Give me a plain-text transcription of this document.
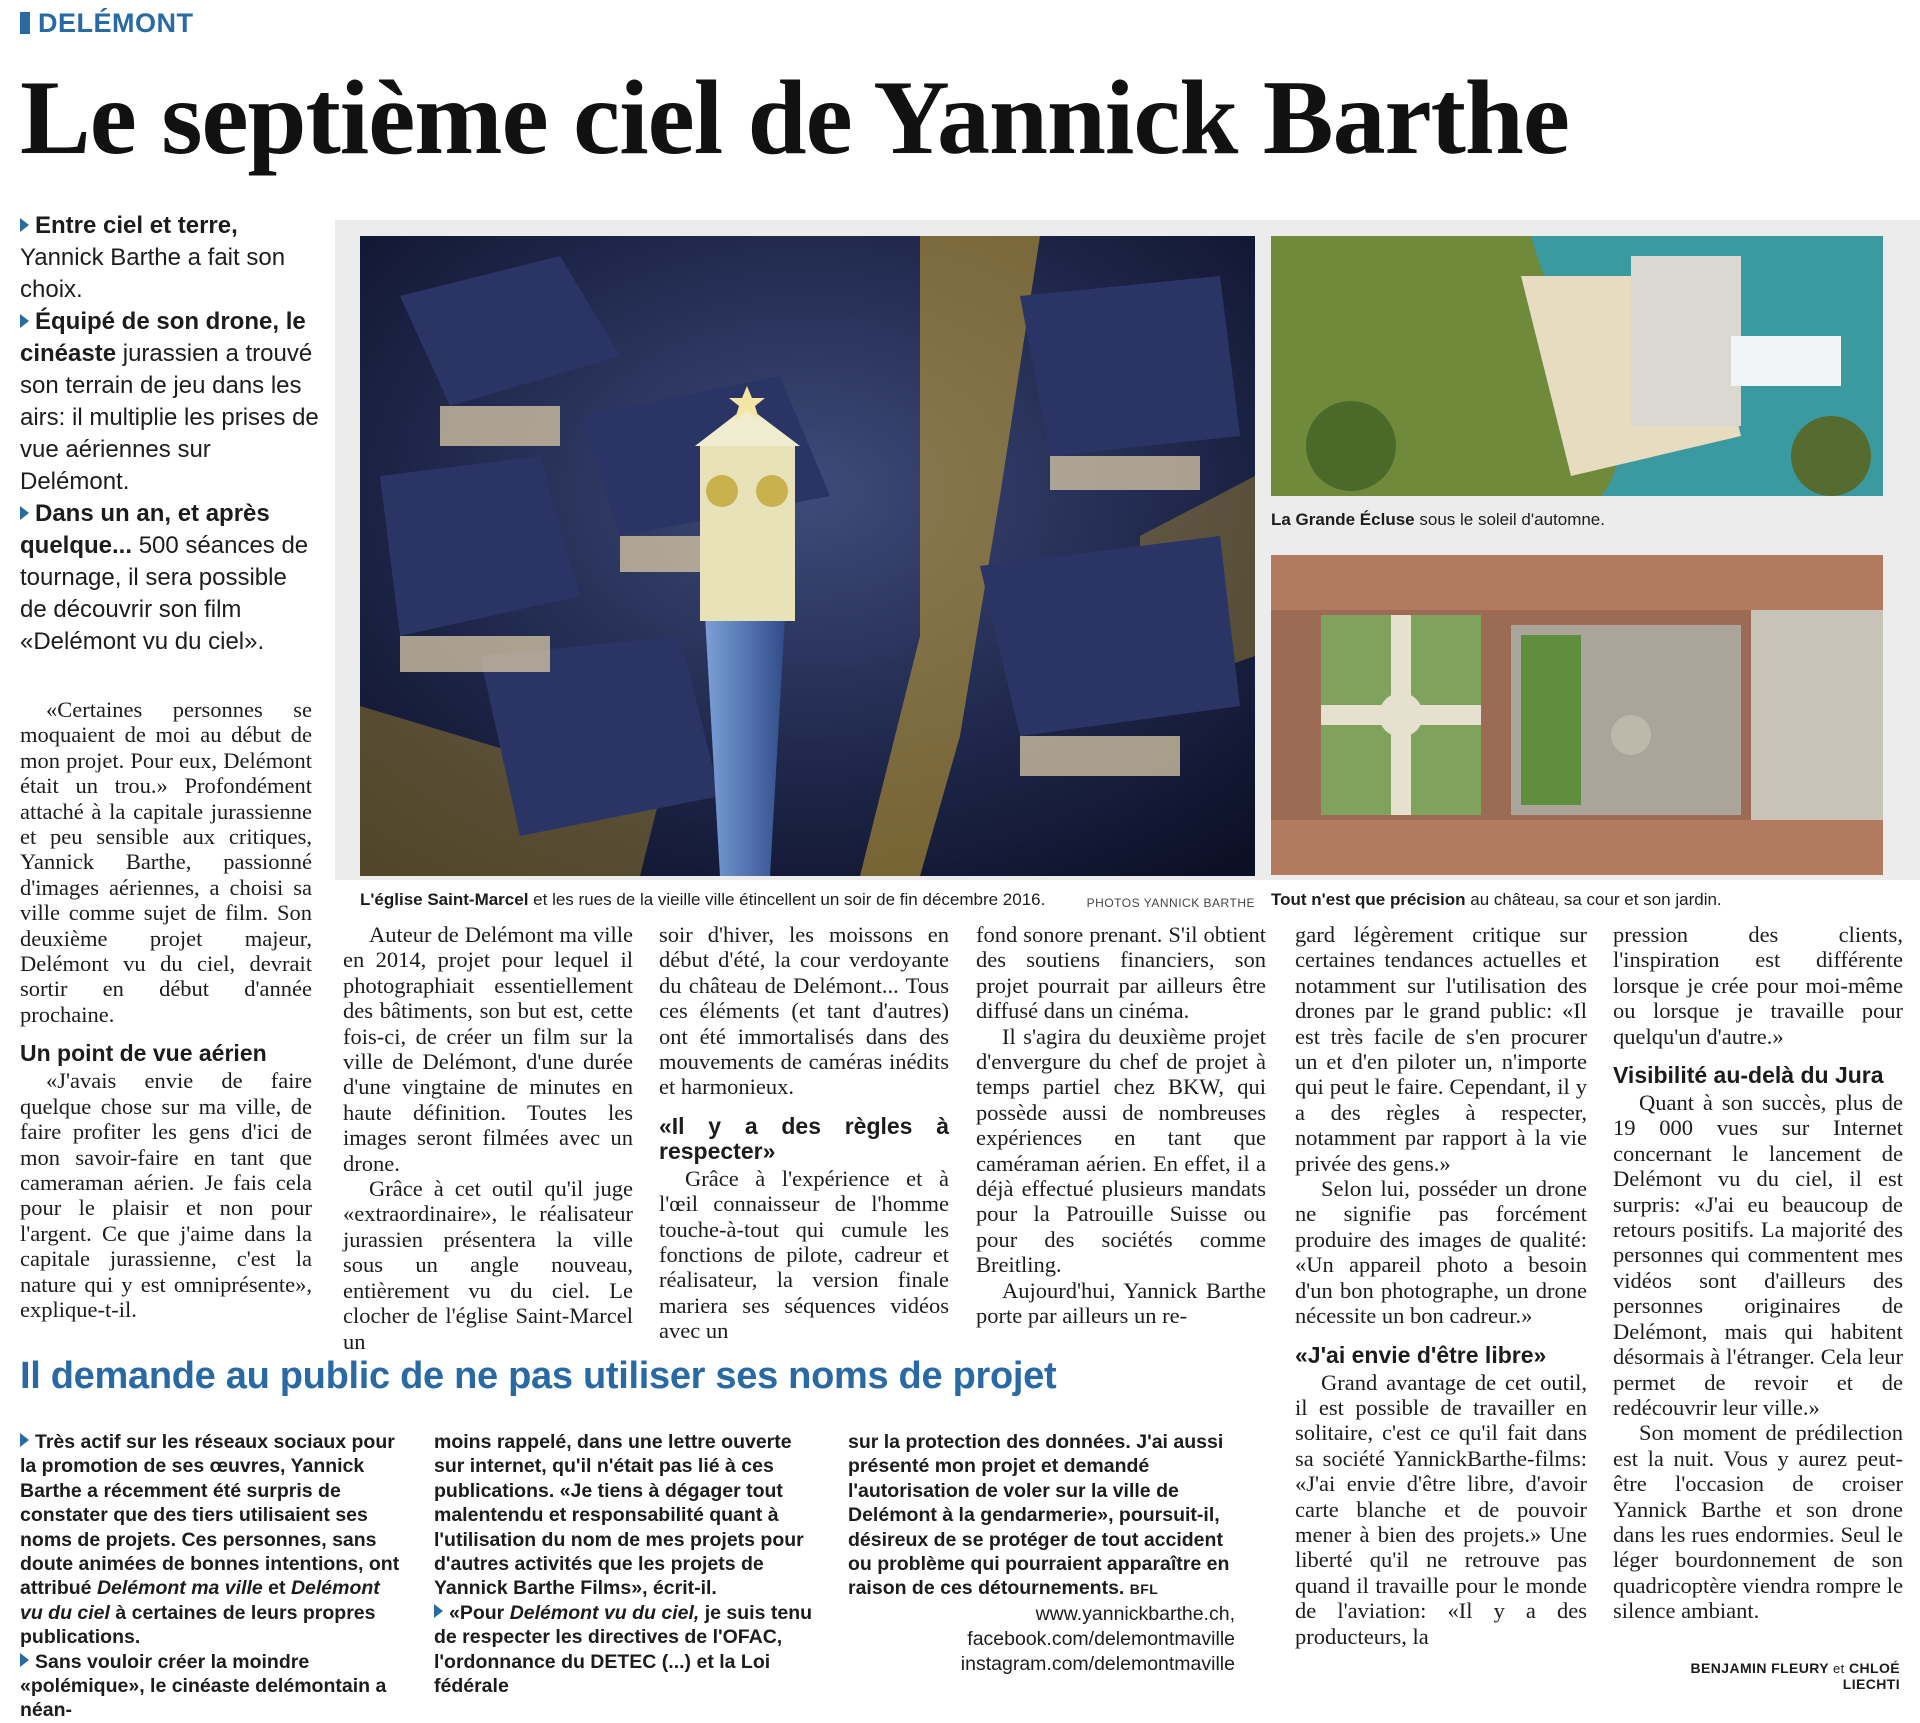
DELÉMONT
Le septième ciel de Yannick Barthe

Entre ciel et terre, Yannick Barthe a fait son choix.

Équipé de son drone, le cinéaste jurassien a trouvé son terrain de jeu dans les airs: il multiplie les prises de vue aériennes sur Delémont.

Dans un an, et après quelque... 500 séances de tournage, il sera possible de découvrir son film «Delémont vu du ciel».

L'église Saint-Marcel et les rues de la vieille ville étincellent un soir de fin décembre 2016.	PHOTOS YANNICK BARTHE
La Grande Écluse sous le soleil d'automne.
Tout n'est que précision au château, sa cour et son jardin.

«Certaines personnes se moquaient de moi au début de mon projet. Pour eux, Delémont était un trou.» Profondément attaché à la capitale jurassienne et peu sensible aux critiques, Yannick Barthe, passionné d'images aériennes, a choisi sa ville comme sujet de film. Son deuxième projet majeur, Delémont vu du ciel, devrait sortir en début d'année prochaine.

Un point de vue aérien

«J'avais envie de faire quelque chose sur ma ville, de faire profiter les gens d'ici de mon savoir-faire en tant que cameraman aérien. Je fais cela pour le plaisir et non pour l'argent. Ce que j'aime dans la capitale jurassienne, c'est la nature qui y est omniprésente», explique-t-il.

Auteur de Delémont ma ville en 2014, projet pour lequel il photographiait essentiellement des bâtiments, son but est, cette fois-ci, de créer un film sur la ville de Delémont, d'une durée d'une vingtaine de minutes en haute définition. Toutes les images seront filmées avec un drone.

Grâce à cet outil qu'il juge «extraordinaire», le réalisateur jurassien présentera la ville sous un angle nouveau, entièrement vu du ciel. Le clocher de l'église Saint-Marcel un

soir d'hiver, les moissons en début d'été, la cour verdoyante du château de Delémont... Tous ces éléments (et tant d'autres) ont été immortalisés dans des mouvements de caméras inédits et harmonieux.

«Il y a des règles à respecter»

Grâce à l'expérience et à l'œil connaisseur de l'homme touche-à-tout qui cumule les fonctions de pilote, cadreur et réalisateur, la version finale mariera ses séquences vidéos avec un

fond sonore prenant. S'il obtient des soutiens financiers, son projet pourrait par ailleurs être diffusé dans un cinéma.

Il s'agira du deuxième projet d'envergure du chef de projet à temps partiel chez BKW, qui possède aussi de nombreuses expériences en tant que caméraman aérien. En effet, il a déjà effectué plusieurs mandats pour la Patrouille Suisse ou pour des sociétés comme Breitling.

Aujourd'hui, Yannick Barthe porte par ailleurs un re-

gard légèrement critique sur certaines tendances actuelles et notamment sur l'utilisation des drones par le grand public: «Il est très facile de s'en procurer un et d'en piloter un, n'importe qui peut le faire. Cependant, il y a des règles à respecter, notamment par rapport à la vie privée des gens.»

Selon lui, posséder un drone ne signifie pas forcément produire des images de qualité: «Un appareil photo a besoin d'un bon photographe, un drone nécessite un bon cadreur.»

«J'ai envie d'être libre»

Grand avantage de cet outil, il est possible de travailler en solitaire, c'est ce qu'il fait dans sa société YannickBarthe-films: «J'ai envie d'être libre, d'avoir carte blanche et de pouvoir mener à bien des projets.» Une liberté qu'il ne retrouve pas quand il travaille pour le monde de l'aviation: «Il y a des producteurs, la

pression des clients, l'inspiration est différente lorsque je crée pour moi-même ou lorsque je travaille pour quelqu'un d'autre.»

Visibilité au-delà du Jura

Quant à son succès, plus de 19 000 vues sur Internet concernant le lancement de Delémont vu du ciel, il est surpris: «J'ai eu beaucoup de retours positifs. La majorité des personnes qui commentent mes vidéos sont d'ailleurs des personnes originaires de Delémont, mais qui habitent désormais à l'étranger. Cela leur permet de revoir et de redécouvrir leur ville.»

Son moment de prédilection est la nuit. Vous y aurez peut-être l'occasion de croiser Yannick Barthe et son drone dans les rues endormies. Seul le léger bourdonnement de son quadricoptère viendra rompre le silence ambiant.

BENJAMIN FLEURY et CHLOÉ LIECHTI
Il demande au public de ne pas utiliser ses noms de projet

Très actif sur les réseaux sociaux pour la promotion de ses œuvres, Yannick Barthe a récemment été surpris de constater que des tiers utilisaient ses noms de projets. Ces personnes, sans doute animées de bonnes intentions, ont attribué Delémont ma ville et Delémont vu du ciel à certaines de leurs propres publications.

Sans vouloir créer la moindre «polémique», le cinéaste delémontain a néan-

moins rappelé, dans une lettre ouverte sur internet, qu'il n'était pas lié à ces publications. «Je tiens à dégager tout malentendu et responsabilité quant à l'utilisation du nom de mes projets pour d'autres activités que les projets de Yannick Barthe Films», écrit-il.

«Pour Delémont vu du ciel, je suis tenu de respecter les directives de l'OFAC, l'ordonnance du DETEC (...) et la Loi fédérale

sur la protection des données. J'ai aussi présenté mon projet et demandé l'autorisation de voler sur la ville de Delémont à la gendarmerie», poursuit-il, désireux de se protéger de tout accident ou problème qui pourraient apparaître en raison de ces détournements. BFL

www.yannickbarthe.ch,
facebook.com/delemontmaville
instagram.com/delemontmaville
